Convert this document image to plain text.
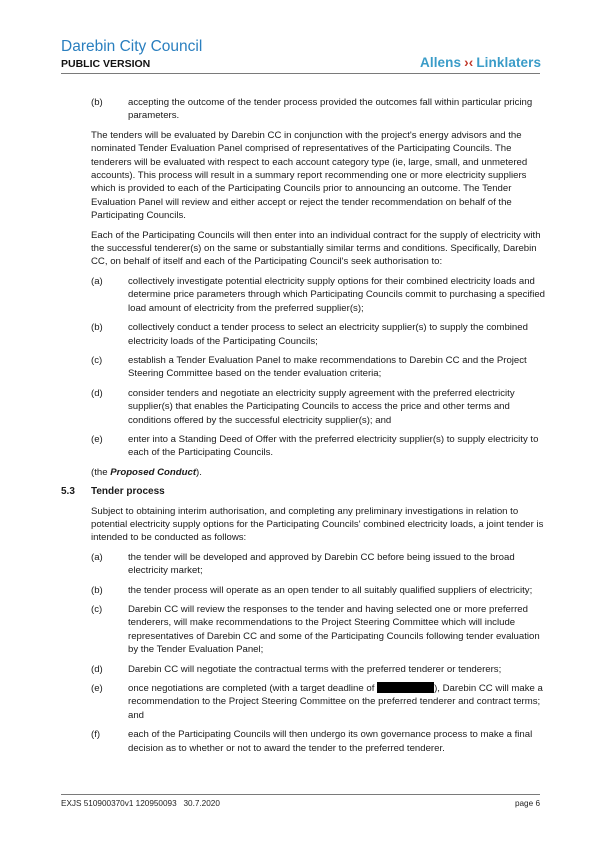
Darebin City Council
PUBLIC VERSION	Allens ›‹ Linklaters
(b)	accepting the outcome of the tender process provided the outcomes fall within particular pricing parameters.

The tenders will be evaluated by Darebin CC in conjunction with the project's energy advisors and the nominated Tender Evaluation Panel comprised of representatives of the Participating Councils. The tenderers will be evaluated with respect to each account category type (ie, large, small, and unmetered accounts). This process will result in a summary report recommending one or more electricity suppliers which is provided to each of the Participating Councils prior to announcing an outcome. The Tender Evaluation Panel will review and either accept or reject the tender recommendation on behalf of the Participating Councils.

Each of the Participating Councils will then enter into an individual contract for the supply of electricity with the successful tenderer(s) on the same or substantially similar terms and conditions. Specifically, Darebin CC, on behalf of itself and each of the Participating Council's seek authorisation to:

(a)	collectively investigate potential electricity supply options for their combined electricity loads and determine price parameters through which Participating Councils commit to purchasing a specified load amount of electricity from the preferred supplier(s);
(b)	collectively conduct a tender process to select an electricity supplier(s) to supply the combined electricity loads of the Participating Councils;
(c)	establish a Tender Evaluation Panel to make recommendations to Darebin CC and the Project Steering Committee based on the tender evaluation criteria;
(d)	consider tenders and negotiate an electricity supply agreement with the preferred electricity supplier(s) that enables the Participating Councils to access the price and other terms and conditions offered by the successful electricity supplier(s); and
(e)	enter into a Standing Deed of Offer with the preferred electricity supplier(s) to supply electricity to each of the Participating Councils.

(the Proposed Conduct).

5.3 Tender process

Subject to obtaining interim authorisation, and completing any preliminary investigations in relation to potential electricity supply options for the Participating Councils' combined electricity loads, a joint tender is intended to be conducted as follows:

(a)	the tender will be developed and approved by Darebin CC before being issued to the broad electricity market;
(b)	the tender process will operate as an open tender to all suitably qualified suppliers of electricity;
(c)	Darebin CC will review the responses to the tender and having selected one or more preferred tenderers, will make recommendations to the Project Steering Committee which will include representatives of Darebin CC and some of the Participating Councils following tender evaluation by the Tender Evaluation Panel;
(d)	Darebin CC will negotiate the contractual terms with the preferred tenderer or tenderers;
(e)	once negotiations are completed (with a target deadline of	), Darebin CC will make a recommendation to the Project Steering Committee on the preferred tenderer and contract terms; and
(f)	each of the Participating Councils will then undergo its own governance process to make a final decision as to whether or not to award the tender to the preferred tenderer.
EXJS 510900370v1 120950093   30.7.2020	page 6
